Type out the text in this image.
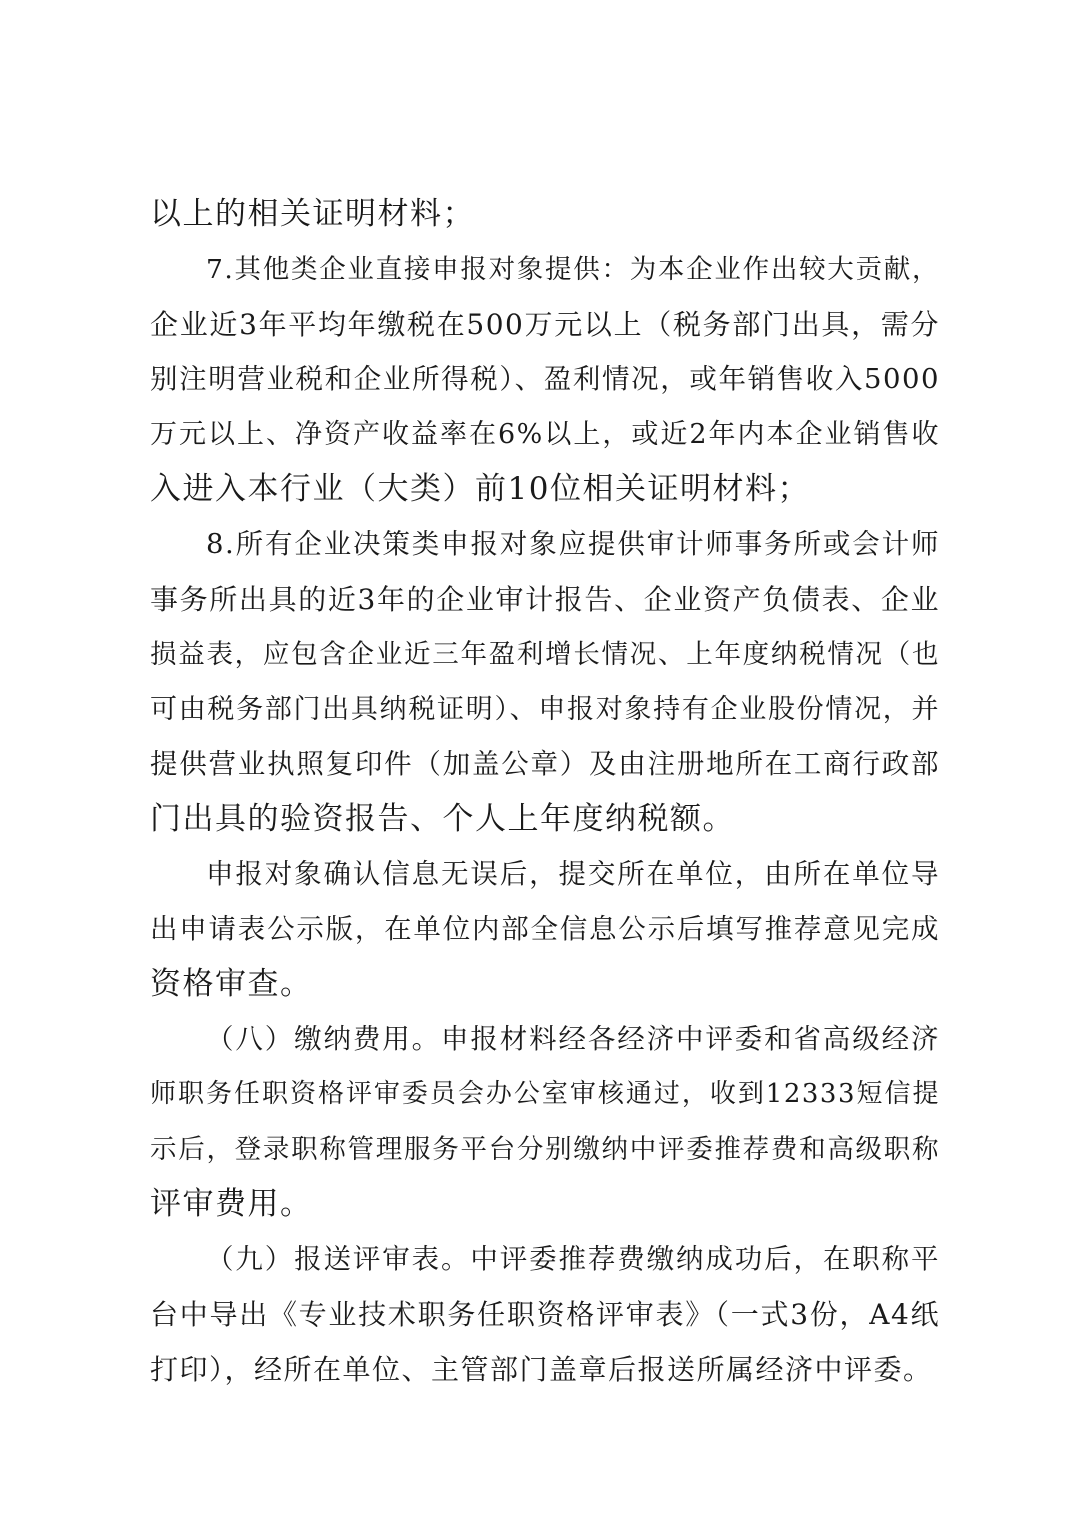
以上的相关证明材料；
7.其他类企业直接申报对象提供：为本企业作出较大贡献，
企业近3年平均年缴税在500万元以上（税务部门出具，需分
别注明营业税和企业所得税）、盈利情况，或年销售收入5000
万元以上、净资产收益率在6%以上，或近2年内本企业销售收
入进入本行业（大类）前10位相关证明材料；
8.所有企业决策类申报对象应提供审计师事务所或会计师
事务所出具的近3年的企业审计报告、企业资产负债表、企业
损益表，应包含企业近三年盈利增长情况、上年度纳税情况（也
可由税务部门出具纳税证明）、申报对象持有企业股份情况，并
提供营业执照复印件（加盖公章）及由注册地所在工商行政部
门出具的验资报告、个人上年度纳税额。
申报对象确认信息无误后，提交所在单位，由所在单位导
出申请表公示版，在单位内部全信息公示后填写推荐意见完成
资格审查。
（八）缴纳费用。申报材料经各经济中评委和省高级经济
师职务任职资格评审委员会办公室审核通过，收到12333短信提
示后，登录职称管理服务平台分别缴纳中评委推荐费和高级职称
评审费用。
（九）报送评审表。中评委推荐费缴纳成功后，在职称平
台中导出《专业技术职务任职资格评审表》（一式3份，A4纸
打印），经所在单位、主管部门盖章后报送所属经济中评委。
